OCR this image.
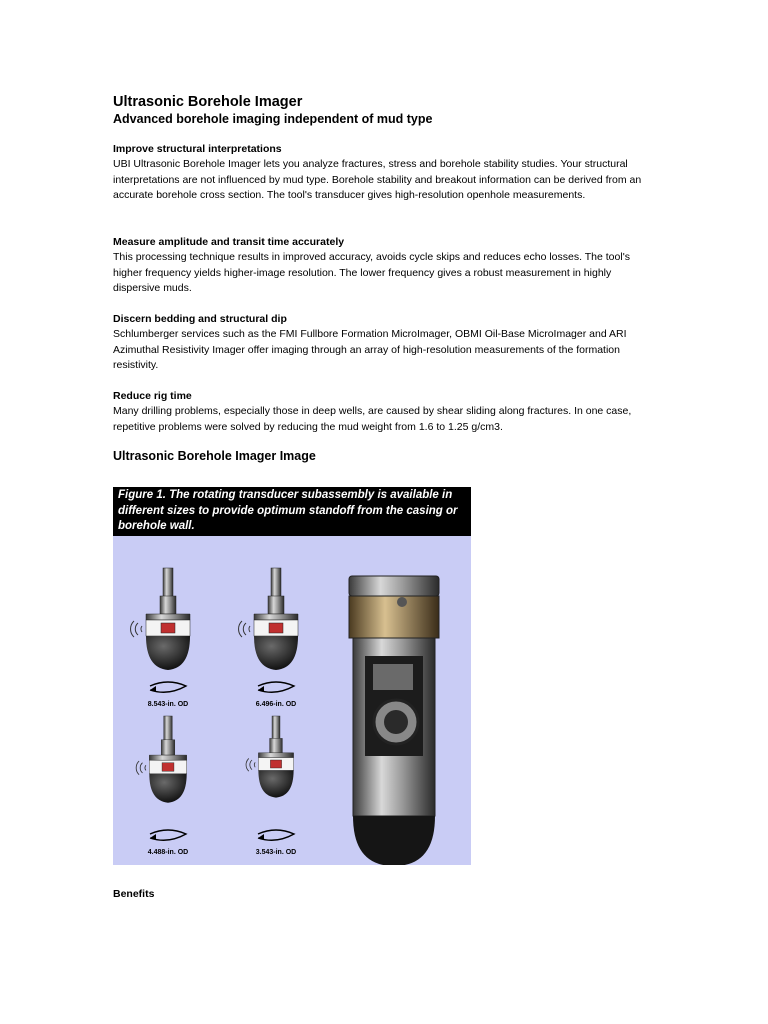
Ultrasonic Borehole Imager
Advanced borehole imaging independent of mud type
Improve structural interpretations

UBI Ultrasonic Borehole Imager lets you analyze fractures, stress and borehole stability studies. Your structural interpretations are not influenced by mud type. Borehole stability and breakout information can be derived from an accurate borehole cross section. The tool's transducer gives high-resolution openhole measurements.

Measure amplitude and transit time accurately

This processing technique results in improved accuracy, avoids cycle skips and reduces echo losses. The tool's higher frequency yields higher-image resolution. The lower frequency gives a robust measurement in highly dispersive muds.

Discern bedding and structural dip

Schlumberger services such as the FMI Fullbore Formation MicroImager, OBMI Oil-Base MicroImager and ARI Azimuthal Resistivity Imager offer imaging through an array of high-resolution measurements of the formation resistivity.

Reduce rig time

Many drilling problems, especially those in deep wells, are caused by shear sliding along fractures. In one case, repetitive problems were solved by reducing the mud weight from 1.6 to 1.25 g/cm3.

Ultrasonic Borehole Imager Image
Figure 1. The rotating transducer subassembly is available in different sizes to provide optimum standoff from the casing or borehole wall.
8.543-in. OD	6.496-in. OD
4.488-in. OD	3.543-in. OD
Benefits
